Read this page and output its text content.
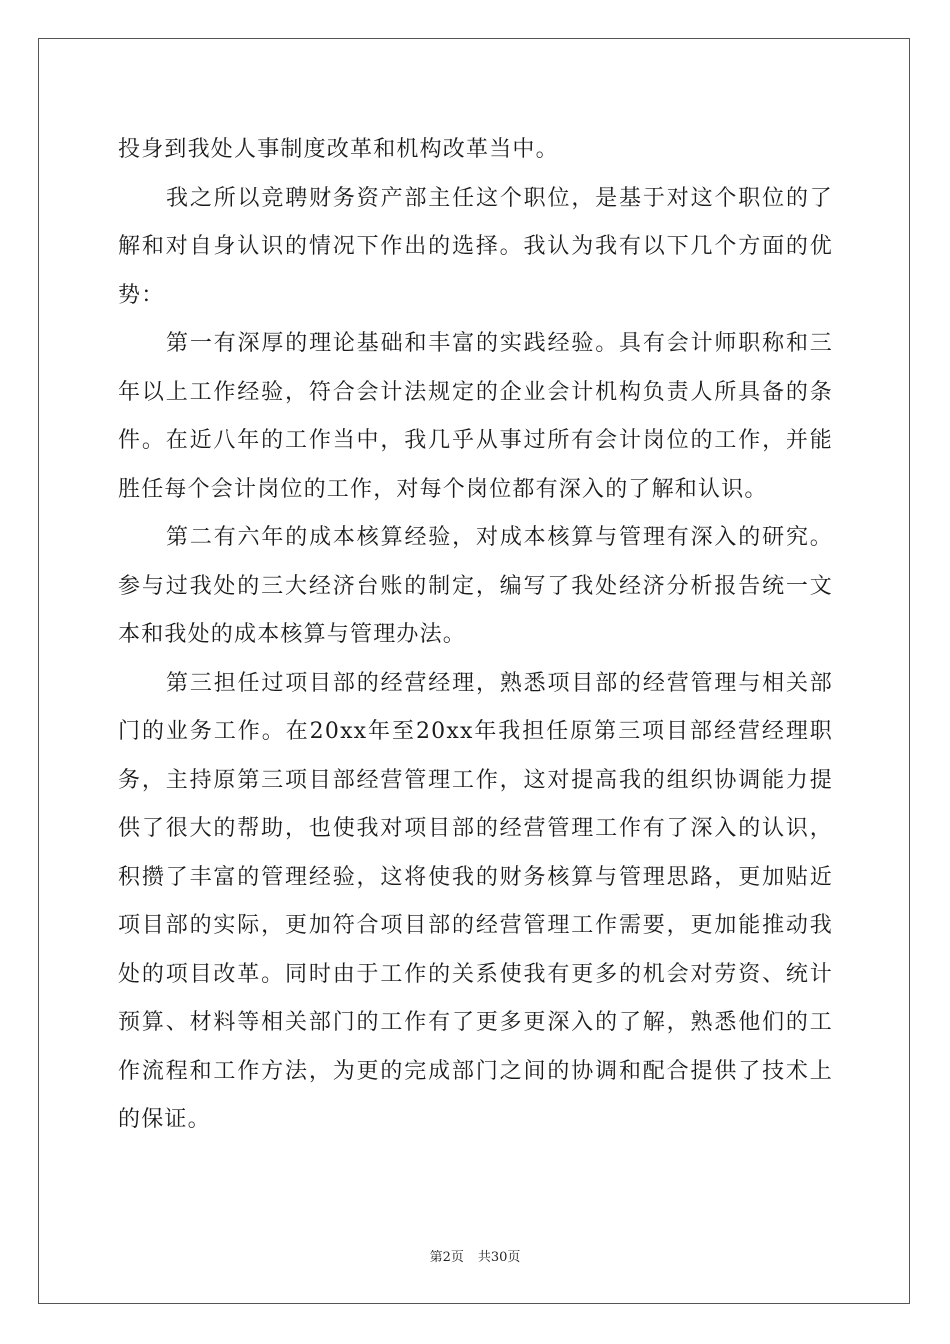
投身到我处人事制度改革和机构改革当中。

我之所以竞聘财务资产部主任这个职位，是基于对这个职位的了解和对自身认识的情况下作出的选择。我认为我有以下几个方面的优势：

第一有深厚的理论基础和丰富的实践经验。具有会计师职称和三年以上工作经验，符合会计法规定的企业会计机构负责人所具备的条件。在近八年的工作当中，我几乎从事过所有会计岗位的工作，并能胜任每个会计岗位的工作，对每个岗位都有深入的了解和认识。

第二有六年的成本核算经验，对成本核算与管理有深入的研究。参与过我处的三大经济台账的制定，编写了我处经济分析报告统一文本和我处的成本核算与管理办法。

第三担任过项目部的经营经理，熟悉项目部的经营管理与相关部门的业务工作。在20xx年至20xx年我担任原第三项目部经营经理职务，主持原第三项目部经营管理工作，这对提高我的组织协调能力提供了很大的帮助，也使我对项目部的经营管理工作有了深入的认识，积攒了丰富的管理经验，这将使我的财务核算与管理思路，更加贴近项目部的实际，更加符合项目部的经营管理工作需要，更加能推动我处的项目改革。同时由于工作的关系使我有更多的机会对劳资、统计预算、材料等相关部门的工作有了更多更深入的了解，熟悉他们的工作流程和工作方法，为更的完成部门之间的协调和配合提供了技术上的保证。

第2页 共30页
